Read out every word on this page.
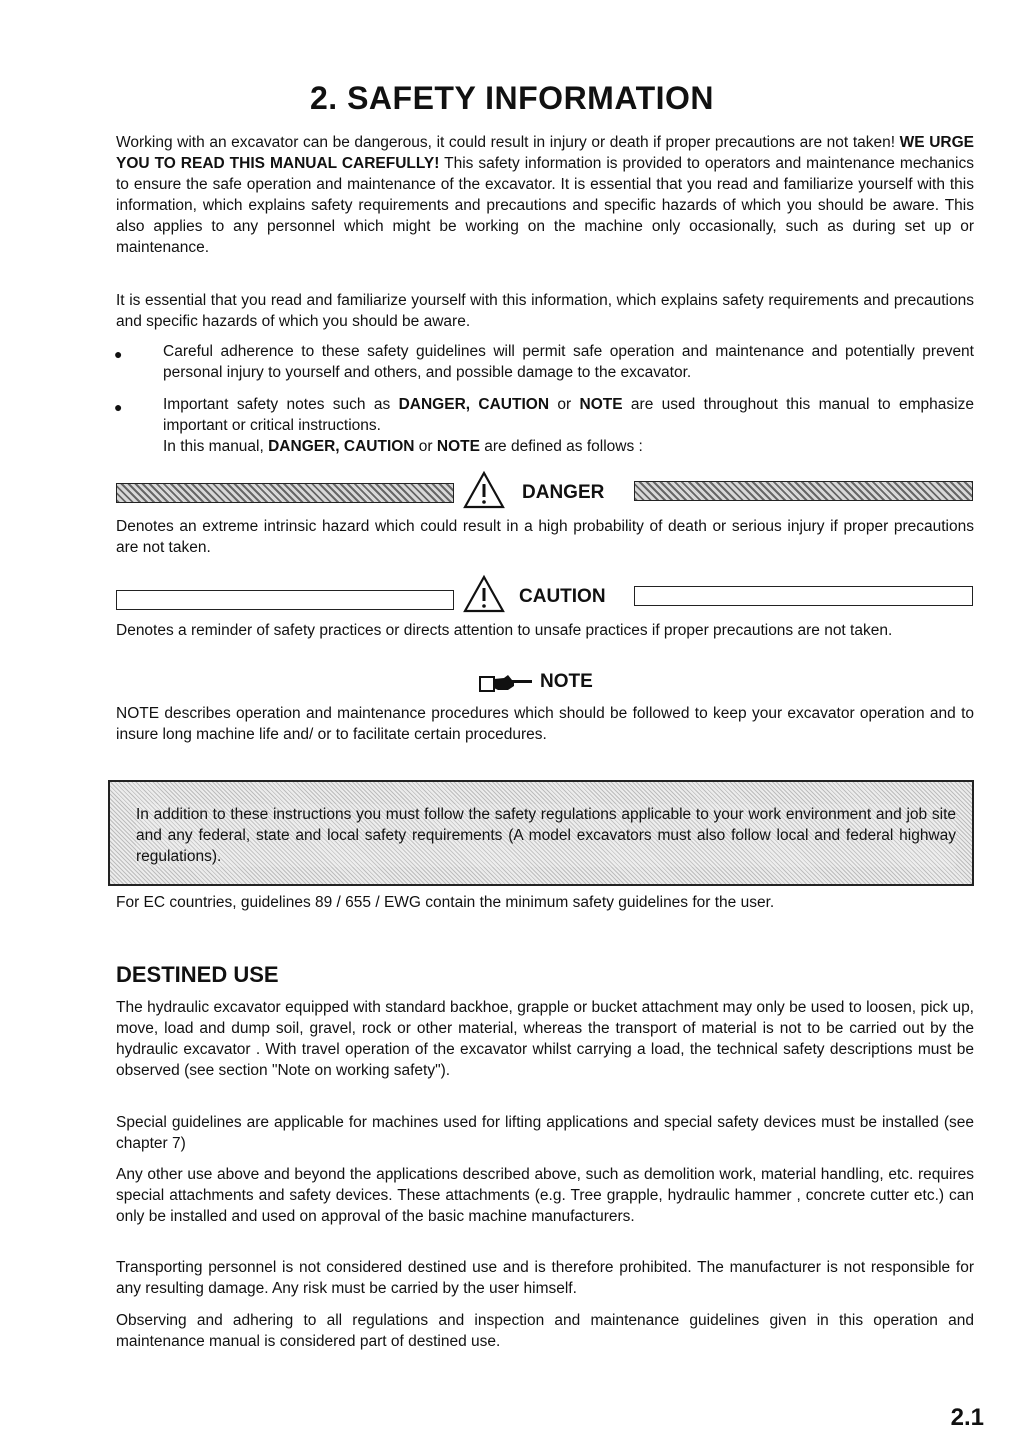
2. SAFETY INFORMATION

Working with an excavator can be dangerous, it could result in injury or death if proper precautions are not taken! WE URGE YOU TO READ THIS MANUAL CAREFULLY! This safety information is provided to operators and maintenance mechanics to ensure the safe operation and maintenance of the excavator. It is essential that you read and familiarize yourself with this information, which explains safety requirements and precautions and specific hazards of which you should be aware. This also applies to any personnel which might be working on the machine only occasionally, such as during set up or maintenance.

It is essential that you read and familiarize yourself with this information, which explains safety requirements and precautions and specific hazards of which you should be aware.

●	Careful adherence to these safety guidelines will permit safe operation and maintenance and potentially prevent personal injury to yourself and others, and possible damage to the excavator.

●	Important safety notes such as DANGER, CAUTION or NOTE are used throughout this manual to emphasize important or critical instructions.
In this manual, DANGER, CAUTION or NOTE are defined as follows :

DANGER

Denotes an extreme intrinsic hazard which could result in a high probability of death or serious injury if proper precautions are not taken.

CAUTION

Denotes a reminder of safety practices or directs attention to unsafe practices if proper precautions are not taken.

NOTE

NOTE describes operation and maintenance procedures which should be followed to keep your excavator operation and to insure long machine life and/ or to facilitate certain procedures.

In addition to these instructions you must follow the safety regulations applicable to your work environment and job site and any federal, state and local safety requirements (A model excavators must also follow local and federal highway regulations).

For EC countries, guidelines 89 / 655 / EWG contain the minimum safety guidelines for the user.

DESTINED USE

The hydraulic excavator equipped with standard backhoe, grapple or bucket attachment may only be used to loosen, pick up, move, load and dump soil, gravel, rock or other material, whereas the transport of material is not to be carried out by the hydraulic excavator . With travel operation of the excavator whilst carrying a load, the technical safety descriptions must be observed (see section "Note on working safety").

Special guidelines are applicable for machines used for lifting applications and special safety devices must be installed (see chapter 7)

Any other use above and beyond the applications described above, such as demolition work, material handling, etc. requires special attachments and safety devices. These attachments (e.g. Tree grapple, hydraulic hammer , concrete cutter etc.) can only be installed and used on approval of the basic machine manufacturers.

Transporting personnel is not considered destined use and is therefore prohibited. The manufacturer is not responsible for any resulting damage. Any risk must be carried by the user himself.

Observing and adhering to all regulations and inspection and maintenance guidelines given in this operation and maintenance manual is considered part of destined use.

2.1
